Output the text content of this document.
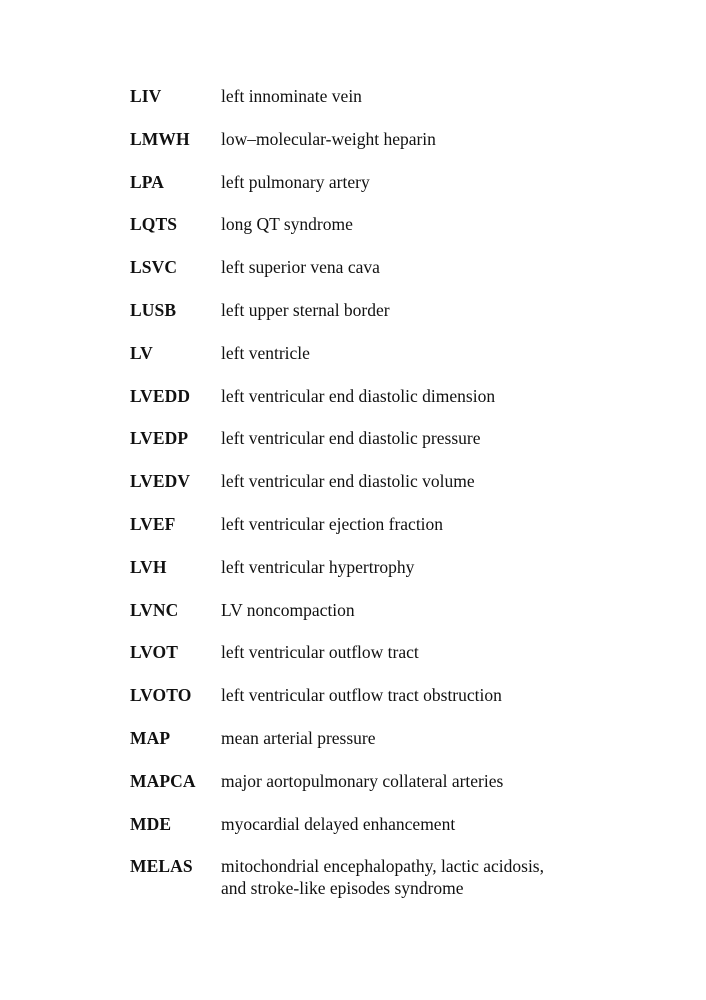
LIV	left innominate vein
LMWH	low–molecular-weight heparin
LPA	left pulmonary artery
LQTS	long QT syndrome
LSVC	left superior vena cava
LUSB	left upper sternal border
LV	left ventricle
LVEDD	left ventricular end diastolic dimension
LVEDP	left ventricular end diastolic pressure
LVEDV	left ventricular end diastolic volume
LVEF	left ventricular ejection fraction
LVH	left ventricular hypertrophy
LVNC	LV noncompaction
LVOT	left ventricular outflow tract
LVOTO	left ventricular outflow tract obstruction
MAP	mean arterial pressure
MAPCA	major aortopulmonary collateral arteries
MDE	myocardial delayed enhancement
MELAS	mitochondrial encephalopathy, lactic acidosis,
and stroke-like episodes syndrome
